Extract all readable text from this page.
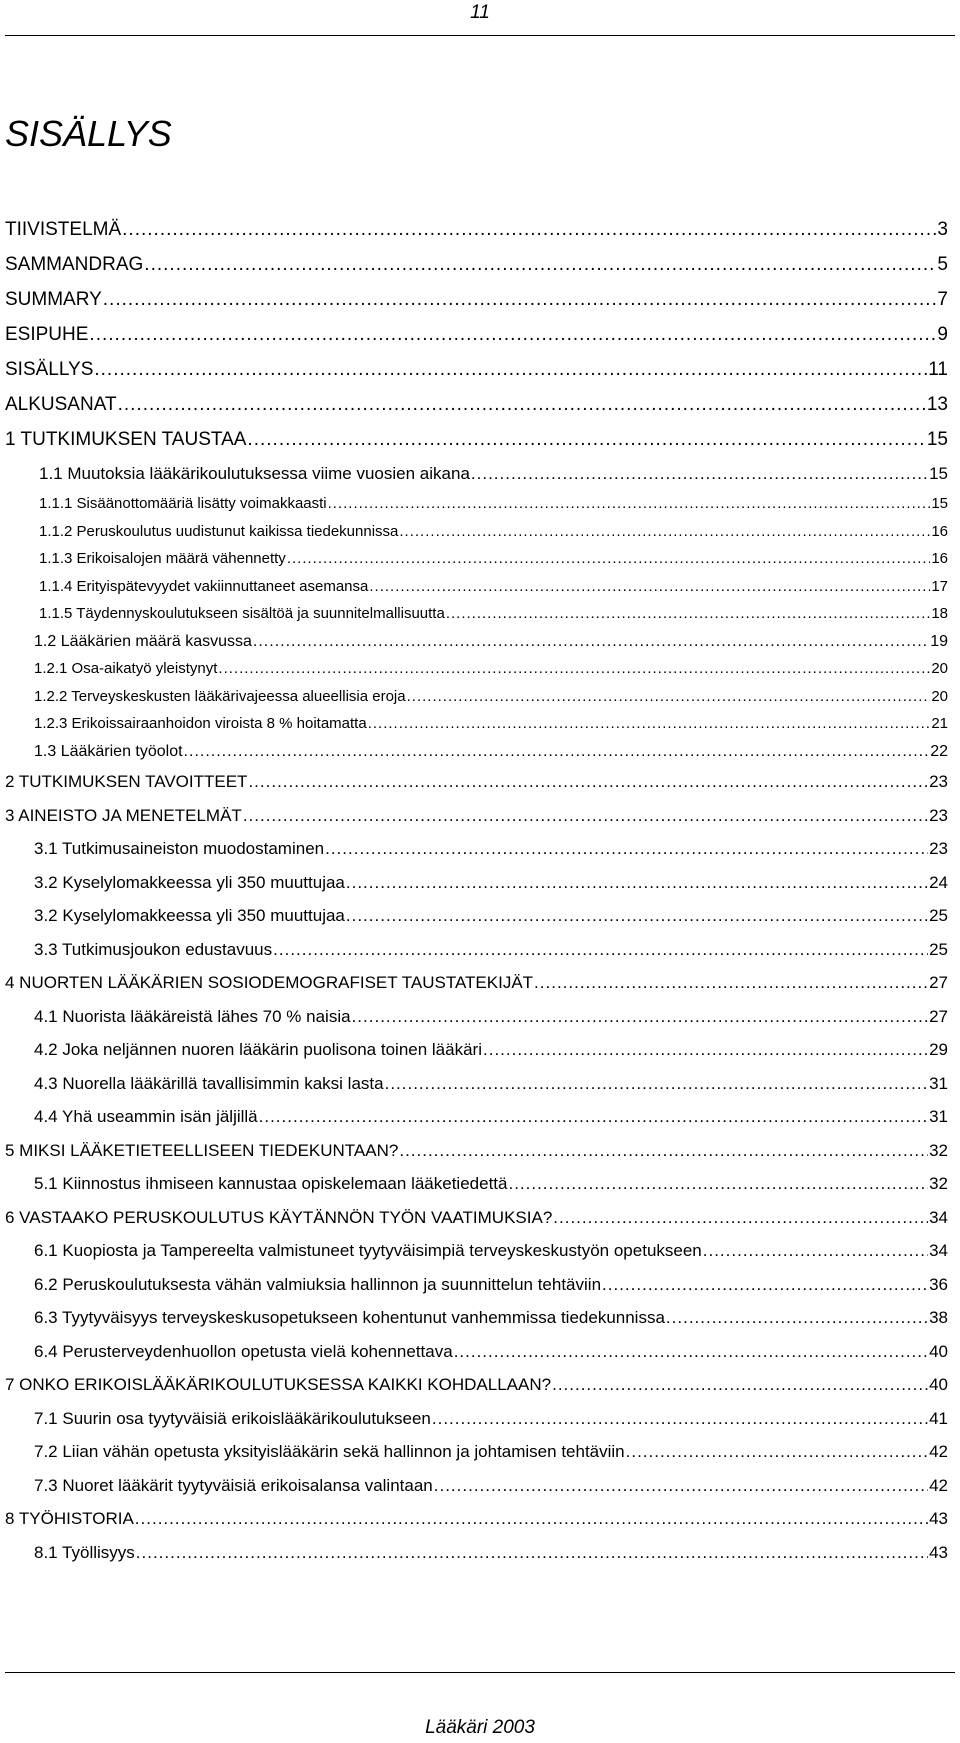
11
SISÄLLYS
TIIVISTELMÄ .....	3
SAMMANDRAG .....	5
SUMMARY .....	7
ESIPUHE .....	9
SISÄLLYS .....	11
ALKUSANAT .....	13
1 TUTKIMUKSEN TAUSTAA .....	15
1.1 Muutoksia lääkärikoulutuksessa viime vuosien aikana .....	15
1.1.1 Sisäänottomääriä lisätty voimakkaasti .....	15
1.1.2 Peruskoulutus uudistunut kaikissa tiedekunnissa .....	16
1.1.3 Erikoisalojen määrä vähennetty .....	16
1.1.4 Erityispätevyydet vakiinnuttaneet asemansa .....	17
1.1.5 Täydennyskoulutukseen sisältöä ja suunnitelmallisuutta .....	18
1.2 Lääkärien määrä kasvussa .....	19
1.2.1 Osa-aikatyö yleistynyt .....	20
1.2.2 Terveyskeskusten lääkärivajeessa alueellisia eroja .....	20
1.2.3 Erikoissairaanhoidon viroista 8 % hoitamatta .....	21
1.3 Lääkärien työolot .....	22
2 TUTKIMUKSEN TAVOITTEET .....	23
3 AINEISTO JA MENETELMÄT .....	23
3.1 Tutkimusaineiston muodostaminen .....	23
3.2 Kyselylomakkeessa yli 350 muuttujaa .....	24
3.2 Kyselylomakkeessa yli 350 muuttujaa .....	25
3.3 Tutkimusjoukon edustavuus .....	25
4 NUORTEN LÄÄKÄRIEN SOSIODEMOGRAFISET TAUSTATEKIJÄT .....	27
4.1 Nuorista lääkäreistä lähes 70 % naisia .....	27
4.2 Joka neljännen nuoren lääkärin puolisona toinen lääkäri .....	29
4.3 Nuorella lääkärillä tavallisimmin kaksi lasta .....	31
4.4 Yhä useammin isän jäljillä .....	31
5 MIKSI LÄÄKETIETEELLISEEN TIEDEKUNTAAN? .....	32
5.1 Kiinnostus ihmiseen kannustaa opiskelemaan lääketiedettä .....	32
6 VASTAAKO PERUSKOULUTUS KÄYTÄNNÖN TYÖN VAATIMUKSIA? .....	34
6.1 Kuopiosta ja Tampereelta valmistuneet tyytyväisimpiä terveyskeskustyön opetukseen .....	34
6.2 Peruskoulutuksesta vähän valmiuksia hallinnon ja suunnittelun tehtäviin .....	36
6.3 Tyytyväisyys terveyskeskusopetukseen kohentunut vanhemmissa tiedekunnissa .....	38
6.4 Perusterveydenhuollon opetusta vielä kohennettava .....	40
7 ONKO ERIKOISLÄÄKÄRIKOULUTUKSESSA KAIKKI KOHDALLAAN? .....	40
7.1 Suurin osa tyytyväisiä erikoislääkärikoulutukseen .....	41
7.2 Liian vähän opetusta yksityislääkärin sekä hallinnon ja johtamisen tehtäviin .....	42
7.3 Nuoret lääkärit tyytyväisiä erikoisalansa valintaan .....	42
8 TYÖHISTORIA .....	43
8.1 Työllisyys .....	43
Lääkäri 2003
